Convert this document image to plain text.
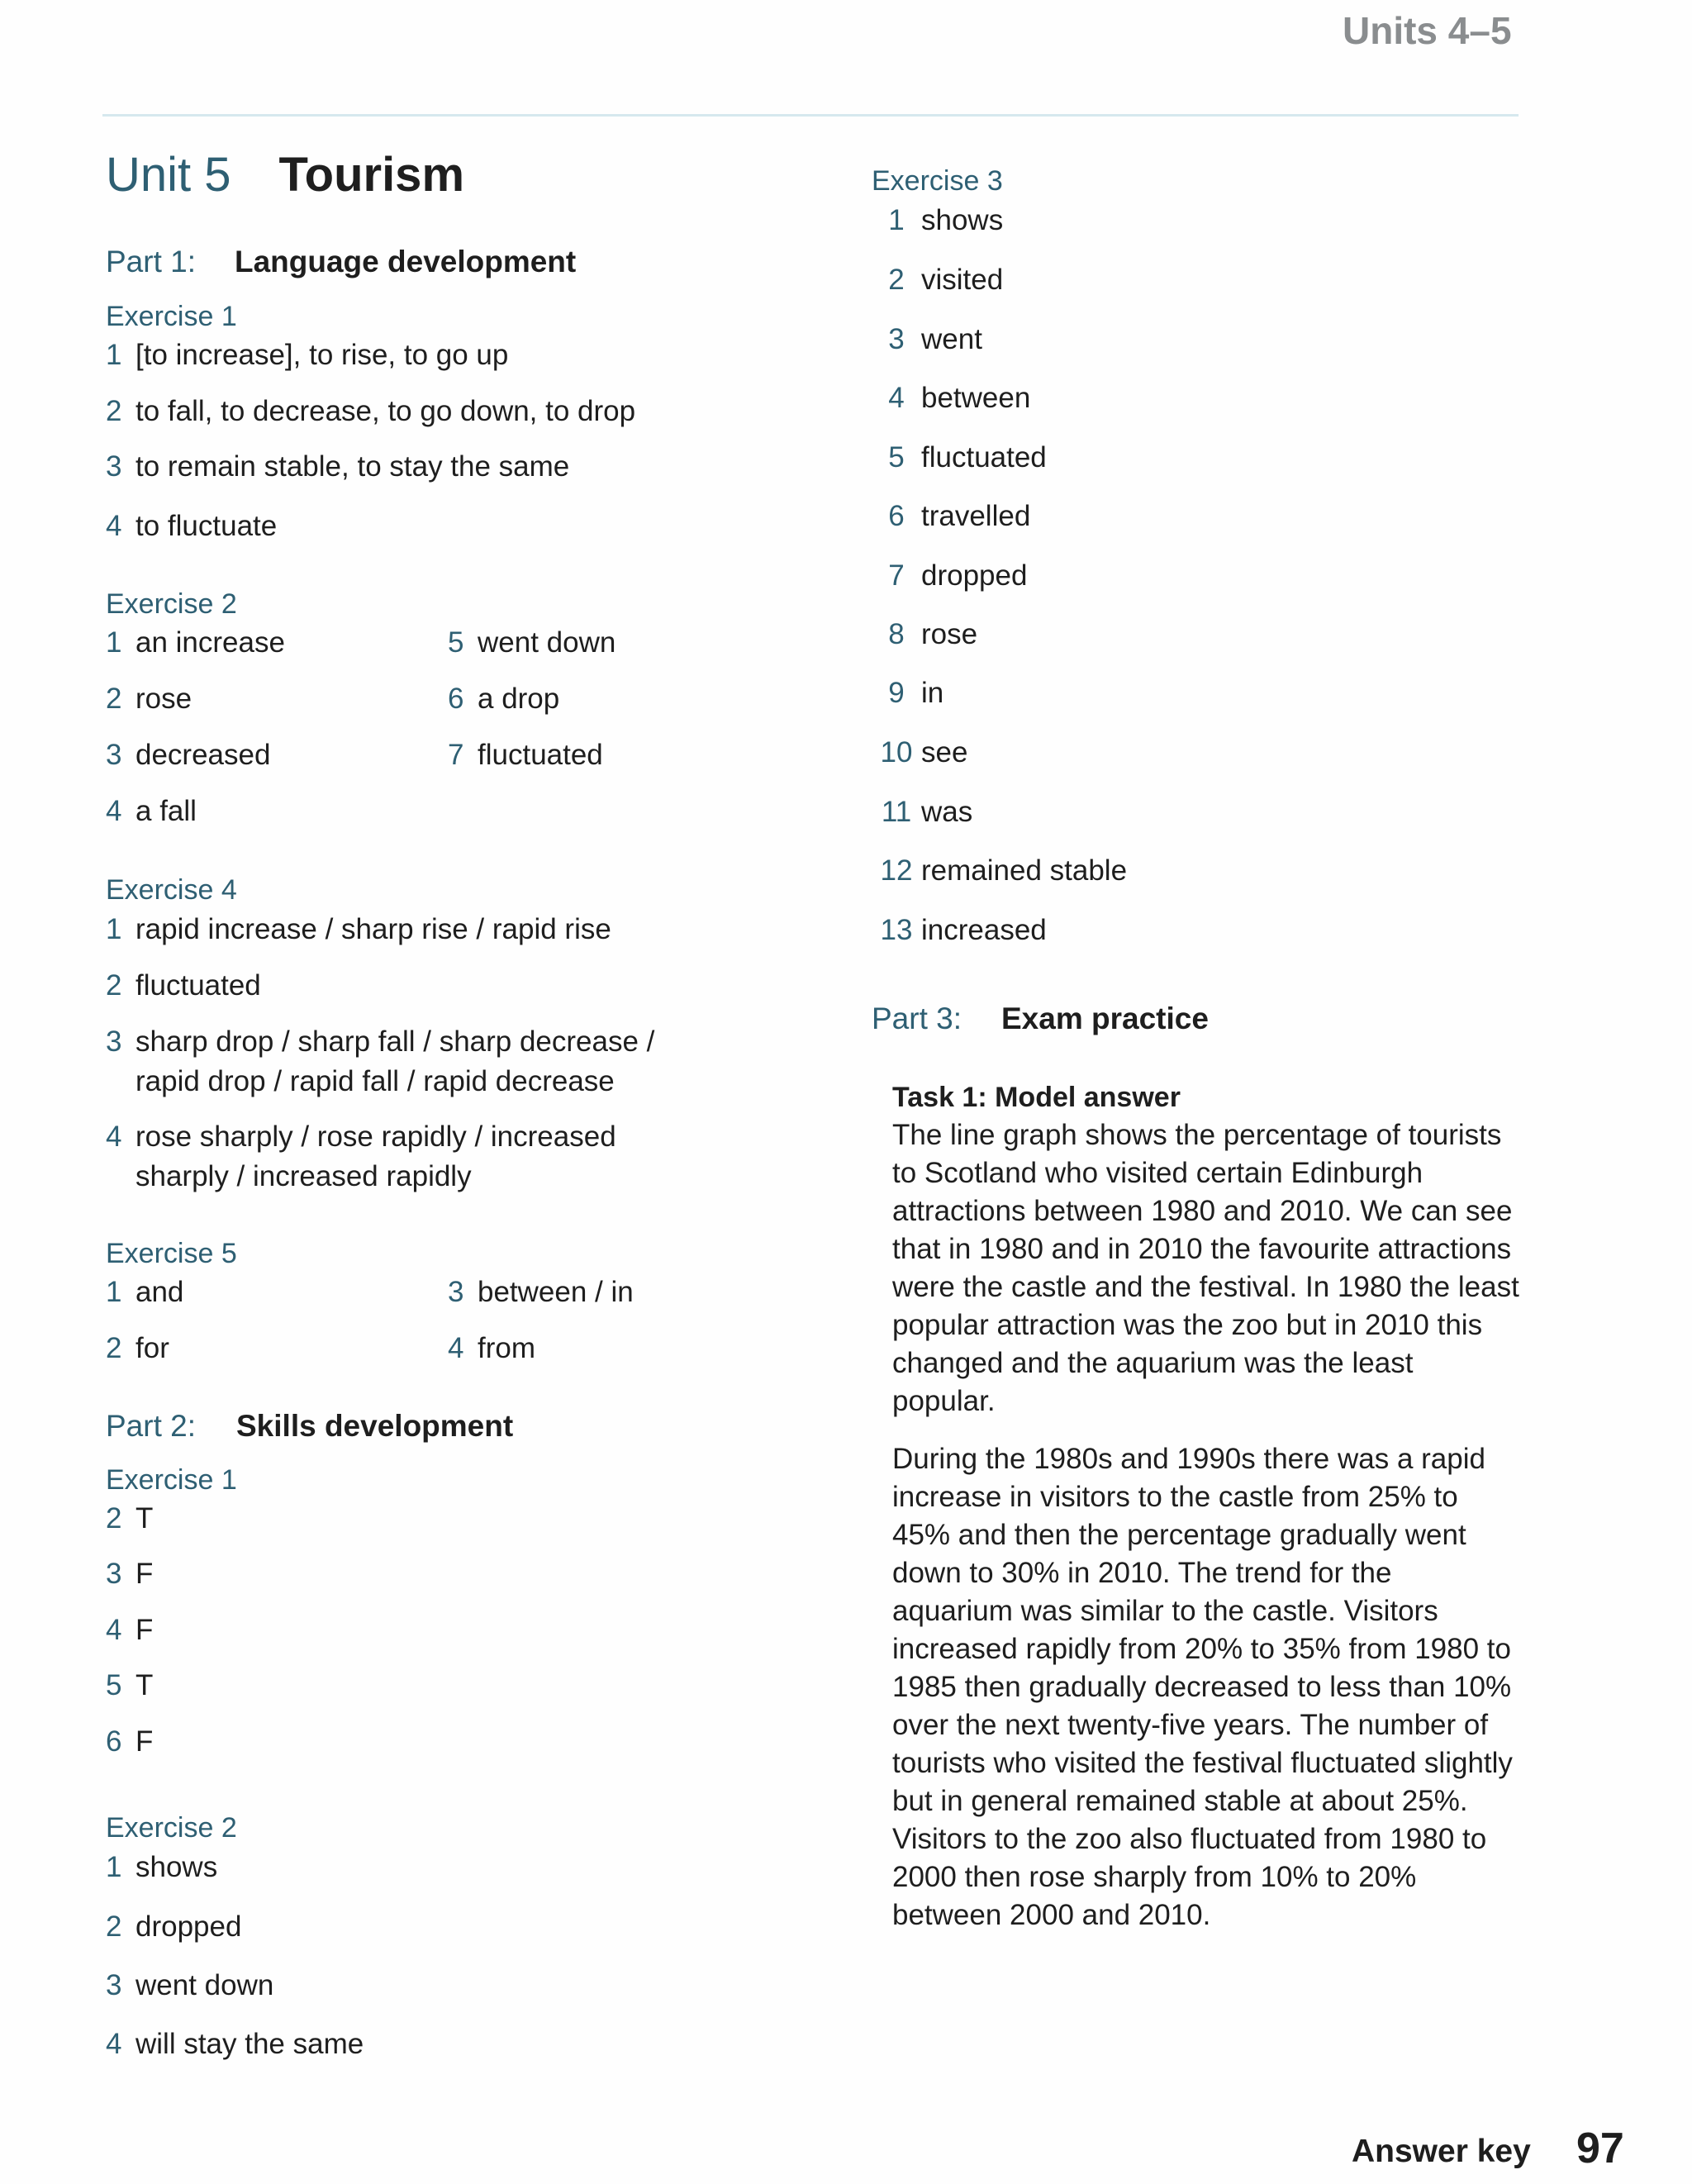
Units 4–5
Unit 5 Tourism
Part 1: Language development
Exercise 1
1 [to increase], to rise, to go up
2 to fall, to decrease, to go down, to drop
3 to remain stable, to stay the same
4 to fluctuate
Exercise 2
1 an increase
2 rose
3 decreased
4 a fall
5 went down
6 a drop
7 fluctuated
Exercise 4
1 rapid increase / sharp rise / rapid rise
2 fluctuated
3 sharp drop / sharp fall / sharp decrease /
rapid drop / rapid fall / rapid decrease
4 rose sharply / rose rapidly / increased
sharply / increased rapidly
Exercise 5
1 and
2 for
3 between / in
4 from
Part 2: Skills development
Exercise 1
2 T
3 F
4 F
5 T
6 F
Exercise 2
1 shows
2 dropped
3 went down
4 will stay the same
Exercise 3
1 shows
2 visited
3 went
4 between
5 fluctuated
6 travelled
7 dropped
8 rose
9 in
10 see
11 was
12 remained stable
13 increased
Part 3: Exam practice
Task 1: Model answer

The line graph shows the percentage of tourists to Scotland who visited certain Edinburgh attractions between 1980 and 2010. We can see that in 1980 and in 2010 the favourite attractions were the castle and the festival. In 1980 the least popular attraction was the zoo but in 2010 this changed and the aquarium was the least popular.

During the 1980s and 1990s there was a rapid increase in visitors to the castle from 25% to 45% and then the percentage gradually went down to 30% in 2010. The trend for the aquarium was similar to the castle. Visitors increased rapidly from 20% to 35% from 1980 to 1985 then gradually decreased to less than 10% over the next twenty-five years. The number of tourists who visited the festival fluctuated slightly but in general remained stable at about 25%. Visitors to the zoo also fluctuated from 1980 to 2000 then rose sharply from 10% to 20% between 2000 and 2010.

Answer key 97
